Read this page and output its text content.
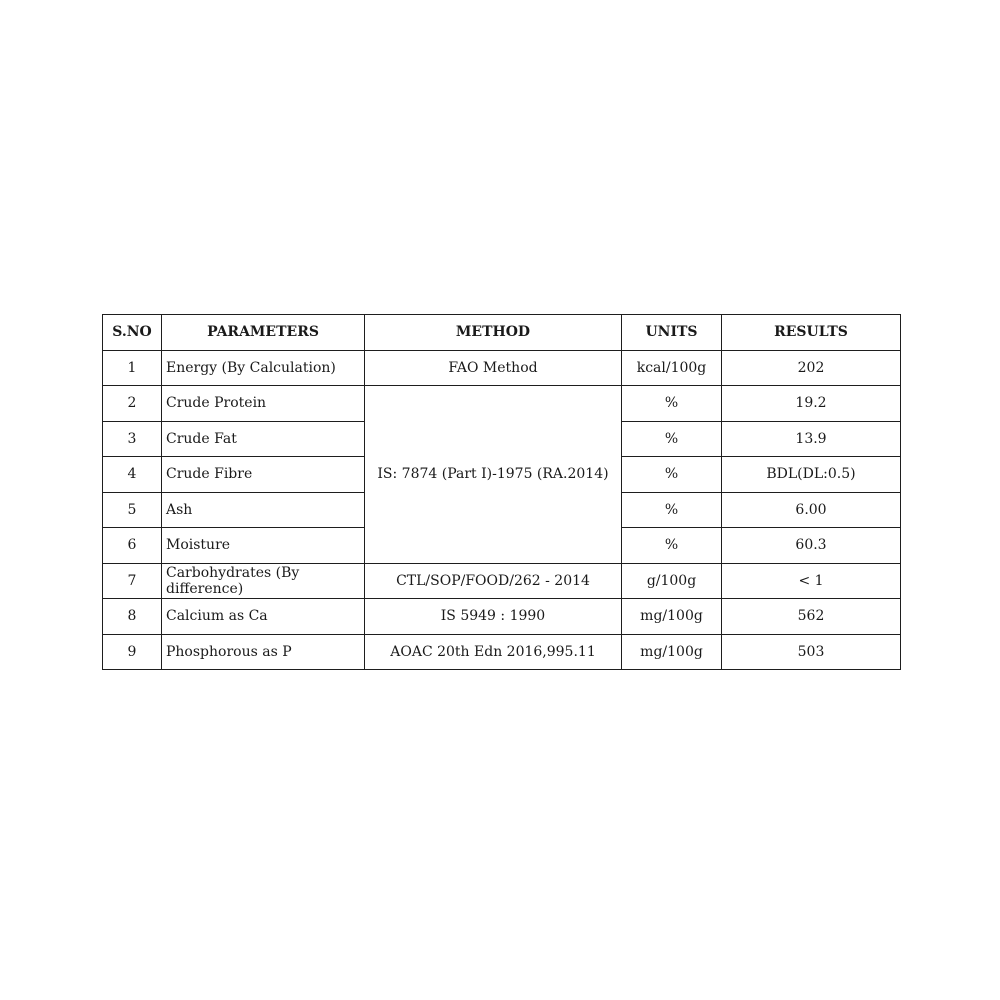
S.NO	PARAMETERS	METHOD	UNITS	RESULTS
1	Energy (By Calculation)	FAO Method	kcal/100g	202
2	Crude Protein	IS: 7874 (Part I)-1975 (RA.2014)	%	19.2
3	Crude Fat		%	13.9
4	Crude Fibre		%	BDL(DL:0.5)
5	Ash		%	6.00
6	Moisture		%	60.3
7	Carbohydrates (By difference)	CTL/SOP/FOOD/262 - 2014	g/100g	< 1
8	Calcium as Ca	IS 5949 : 1990	mg/100g	562
9	Phosphorous as P	AOAC 20th Edn 2016,995.11	mg/100g	503
